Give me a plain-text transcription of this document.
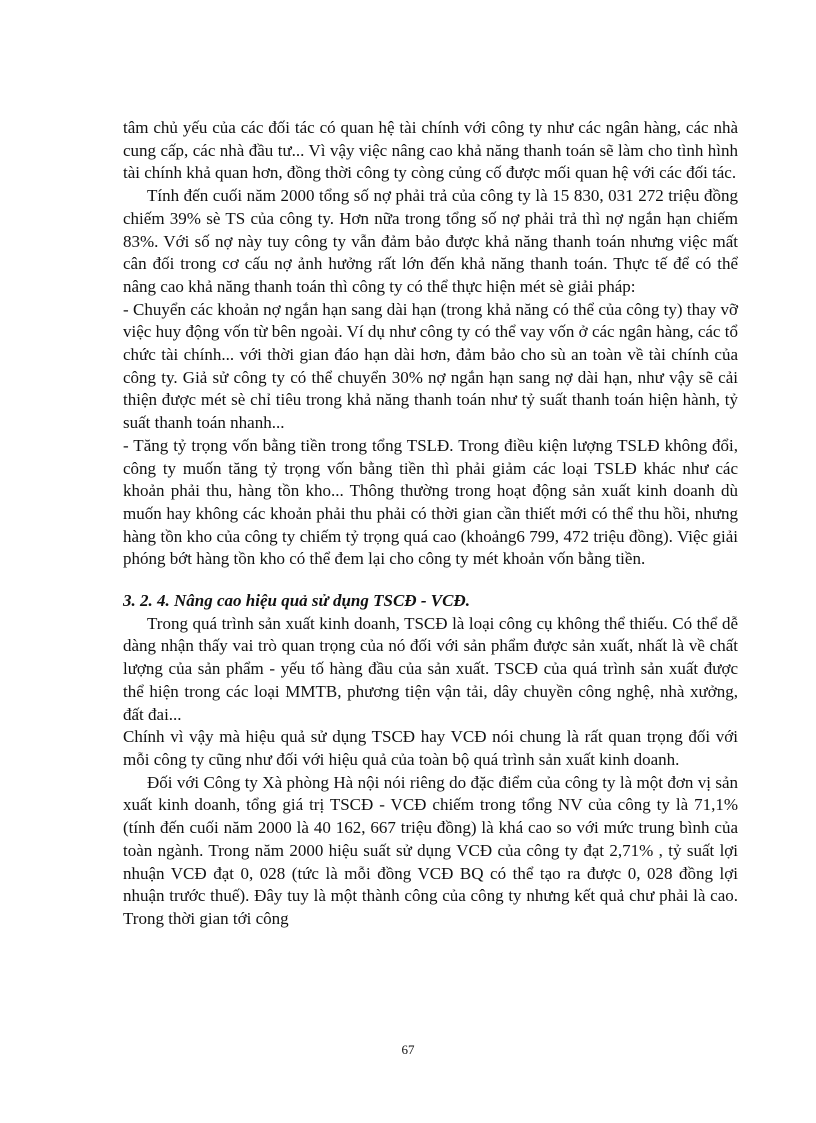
tâm chủ yếu của các đối tác có quan hệ tài chính với công ty như các ngân hàng, các nhà cung cấp, các nhà đầu tư... Vì vậy việc nâng cao khả năng thanh toán sẽ làm cho tình hình tài chính khả quan hơn, đồng thời công ty còng củng cố được mối quan hệ với các đối tác.

Tính đến cuối năm 2000 tổng số nợ phải trả của công ty là 15 830, 031 272 triệu đồng chiếm 39% sè TS của công ty. Hơn nữa trong tổng số nợ phải trả thì nợ ngắn hạn chiếm 83%. Với số nợ này tuy công ty vẫn đảm bảo được khả năng thanh toán nhưng việc mất cân đối trong cơ cấu nợ ảnh hưởng rất lớn đến khả năng thanh toán. Thực tế để có thể nâng cao khả năng thanh toán thì công ty có thể thực hiện mét sè giải pháp:

- Chuyển các khoản nợ ngắn hạn sang dài hạn (trong khả năng có thể của công ty) thay vỡ việc huy động vốn từ bên ngoài. Ví dụ như công ty có thể vay vốn ở các ngân hàng, các tổ chức tài chính... với thời gian đáo hạn dài hơn, đảm bảo cho sù an toàn về tài chính của công ty. Giả sử công ty có thể chuyển 30% nợ ngắn hạn sang nợ dài hạn, như vậy sẽ cải thiện được mét sè chỉ tiêu trong khả năng thanh toán như tỷ suất thanh toán hiện hành, tỷ suất thanh toán nhanh...

- Tăng tỷ trọng vốn bằng tiền trong tổng TSLĐ. Trong điều kiện lượng TSLĐ không đổi, công ty muốn tăng tỷ trọng vốn bằng tiền thì phải giảm các loại TSLĐ khác như các khoản phải thu, hàng tồn kho... Thông thường trong hoạt động sản xuất kinh doanh dù muốn hay không các khoản phải thu phải có thời gian cần thiết mới có thể thu hồi, nhưng hàng tồn kho của công ty chiếm tỷ trọng quá cao (khoảng6 799, 472 triệu đồng). Việc giải phóng bớt hàng tồn kho có thể đem lại cho công ty mét khoản vốn bằng tiền.

3. 2. 4. Nâng cao hiệu quả sử dụng TSCĐ - VCĐ.

Trong quá trình sản xuất kinh doanh, TSCĐ là loại công cụ không thể thiếu. Có thể dễ dàng nhận thấy vai trò quan trọng của nó đối với sản phẩm được sản xuất, nhất là về chất lượng của sản phẩm - yếu tố hàng đầu của sản xuất. TSCĐ của quá trình sản xuất được thể hiện trong các loại MMTB, phương tiện vận tải, dây chuyền công nghệ, nhà xưởng, đất đai...

Chính vì vậy mà hiệu quả sử dụng TSCĐ hay VCĐ nói chung là rất quan trọng đối với mỗi công ty cũng như đối với hiệu quả của toàn bộ quá trình sản xuất kinh doanh.

Đối với Công ty Xà phòng Hà nội nói riêng do đặc điểm của công ty là một đơn vị sản xuất kinh doanh, tổng giá trị TSCĐ - VCĐ chiếm trong tổng NV của công ty là 71,1% (tính đến cuối năm 2000 là 40 162, 667 triệu đồng) là khá cao so với mức trung bình của toàn ngành. Trong năm 2000 hiệu suất sử dụng VCĐ của công ty đạt 2,71% , tỷ suất lợi nhuận VCĐ đạt 0, 028 (tức là mỗi đồng VCĐ BQ có thể tạo ra được 0, 028 đồng lợi nhuận trước thuế). Đây tuy là một thành công của công ty nhưng kết quả chư phải là cao. Trong thời gian tới công

67
